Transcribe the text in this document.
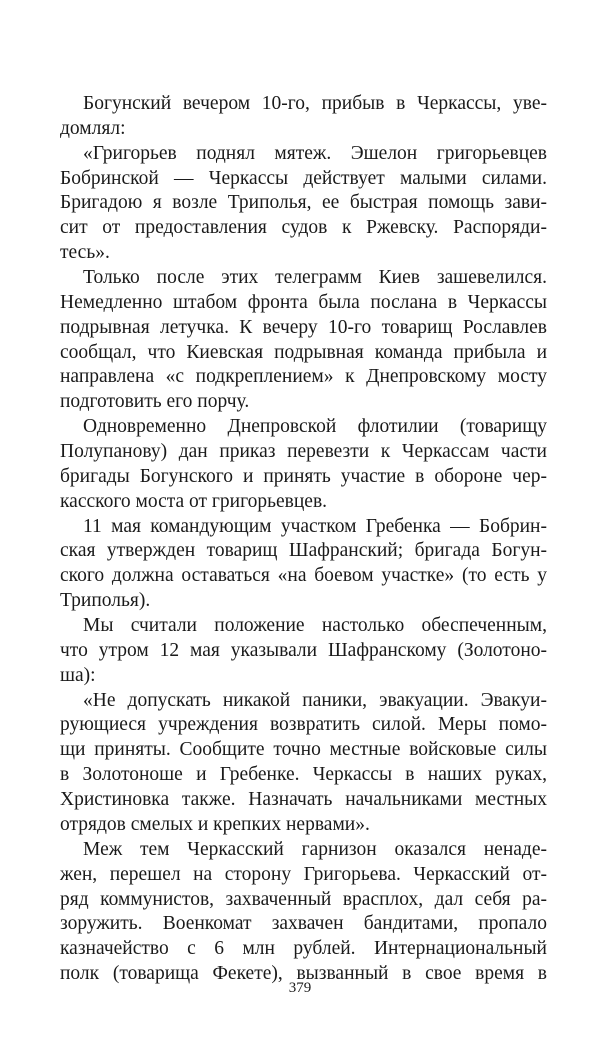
Богунский вечером 10-го, прибыв в Черкассы, уве-
домлял:
«Григорьев поднял мятеж. Эшелон григорьевцев
Бобринской — Черкассы действует малыми силами.
Бригадою я возле Триполья, ее быстрая помощь зави-
сит от предоставления судов к Ржевску. Распоряди-
тесь».
Только после этих телеграмм Киев зашевелился.
Немедленно штабом фронта была послана в Черкассы
подрывная летучка. К вечеру 10-го товарищ Рославлев
сообщал, что Киевская подрывная команда прибыла и
направлена «с подкреплением» к Днепровскому мосту
подготовить его порчу.
Одновременно Днепровской флотилии (товарищу
Полупанову) дан приказ перевезти к Черкассам части
бригады Богунского и принять участие в обороне чер-
касского моста от григорьевцев.
11 мая командующим участком Гребенка — Бобрин-
ская утвержден товарищ Шафранский; бригада Богун-
ского должна оставаться «на боевом участке» (то есть у
Триполья).
Мы считали положение настолько обеспеченным,
что утром 12 мая указывали Шафранскому (Золотоно-
ша):
«Не допускать никакой паники, эвакуации. Эвакуи-
рующиеся учреждения возвратить силой. Меры помо-
щи приняты. Сообщите точно местные войсковые силы
в Золотоноше и Гребенке. Черкассы в наших руках,
Христиновка также. Назначать начальниками местных
отрядов смелых и крепких нервами».
Меж тем Черкасский гарнизон оказался ненаде-
жен, перешел на сторону Григорьева. Черкасский от-
ряд коммунистов, захваченный врасплох, дал себя ра-
зоружить. Военкомат захвачен бандитами, пропало
казначейство с 6 млн рублей. Интернациональный
полк (товарища Фекете), вызванный в свое время в
379
